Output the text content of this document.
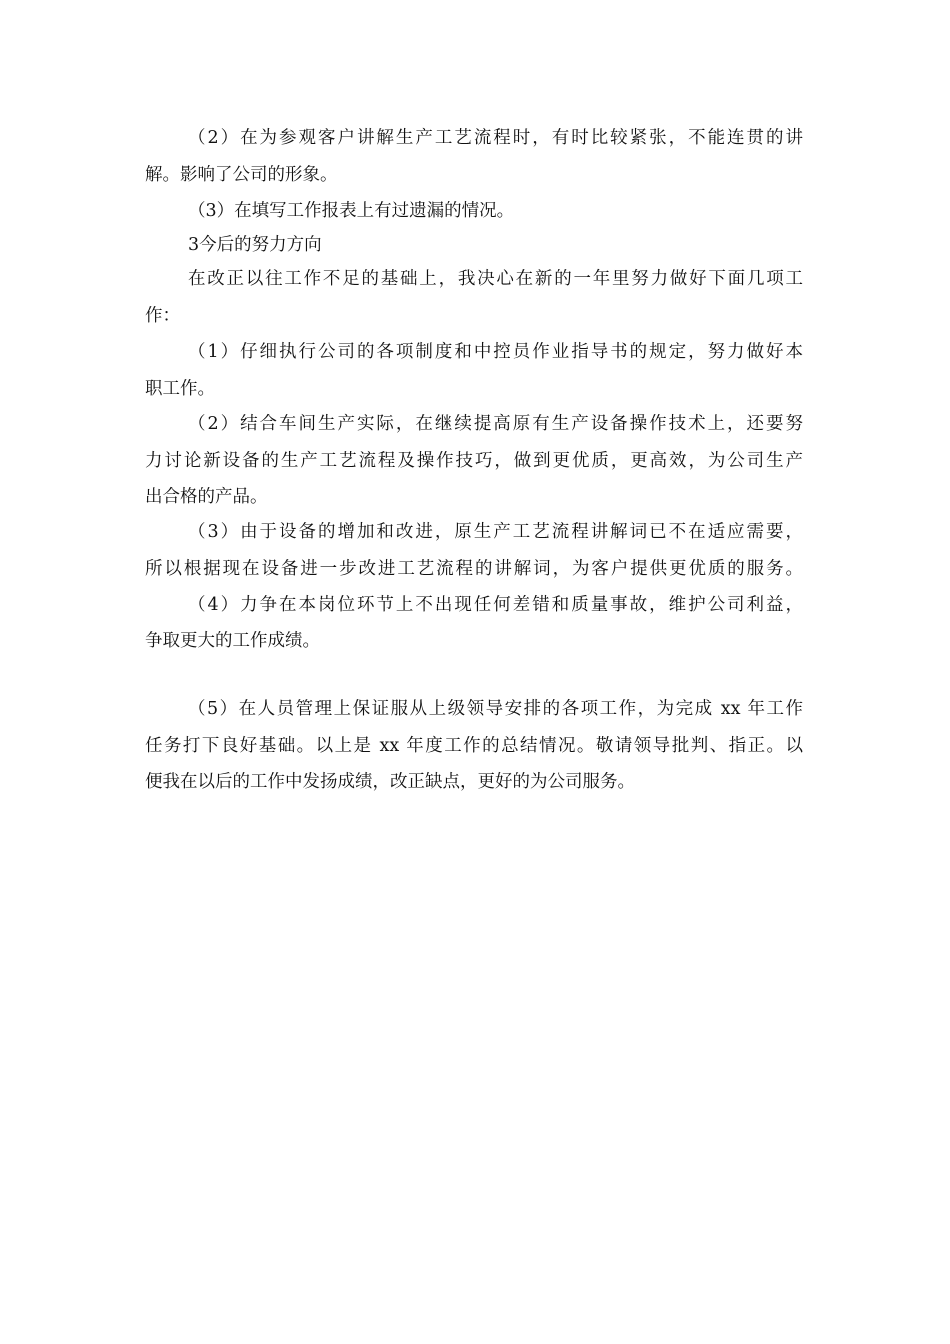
（2）在为参观客户讲解生产工艺流程时，有时比较紧张，不能连贯的讲
解。影响了公司的形象。
（3）在填写工作报表上有过遗漏的情况。
3今后的努力方向
在改正以往工作不足的基础上，我决心在新的一年里努力做好下面几项工
作：
（1）仔细执行公司的各项制度和中控员作业指导书的规定，努力做好本
职工作。
（2）结合车间生产实际，在继续提高原有生产设备操作技术上，还要努
力讨论新设备的生产工艺流程及操作技巧，做到更优质，更高效，为公司生产
出合格的产品。
（3）由于设备的增加和改进，原生产工艺流程讲解词已不在适应需要，
所以根据现在设备进一步改进工艺流程的讲解词，为客户提供更优质的服务。
（4）力争在本岗位环节上不出现任何差错和质量事故，维护公司利益，
争取更大的工作成绩。
（5）在人员管理上保证服从上级领导安排的各项工作，为完成 xx 年工作
任务打下良好基础。以上是 xx 年度工作的总结情况。敬请领导批判、指正。以
便我在以后的工作中发扬成绩，改正缺点，更好的为公司服务。
